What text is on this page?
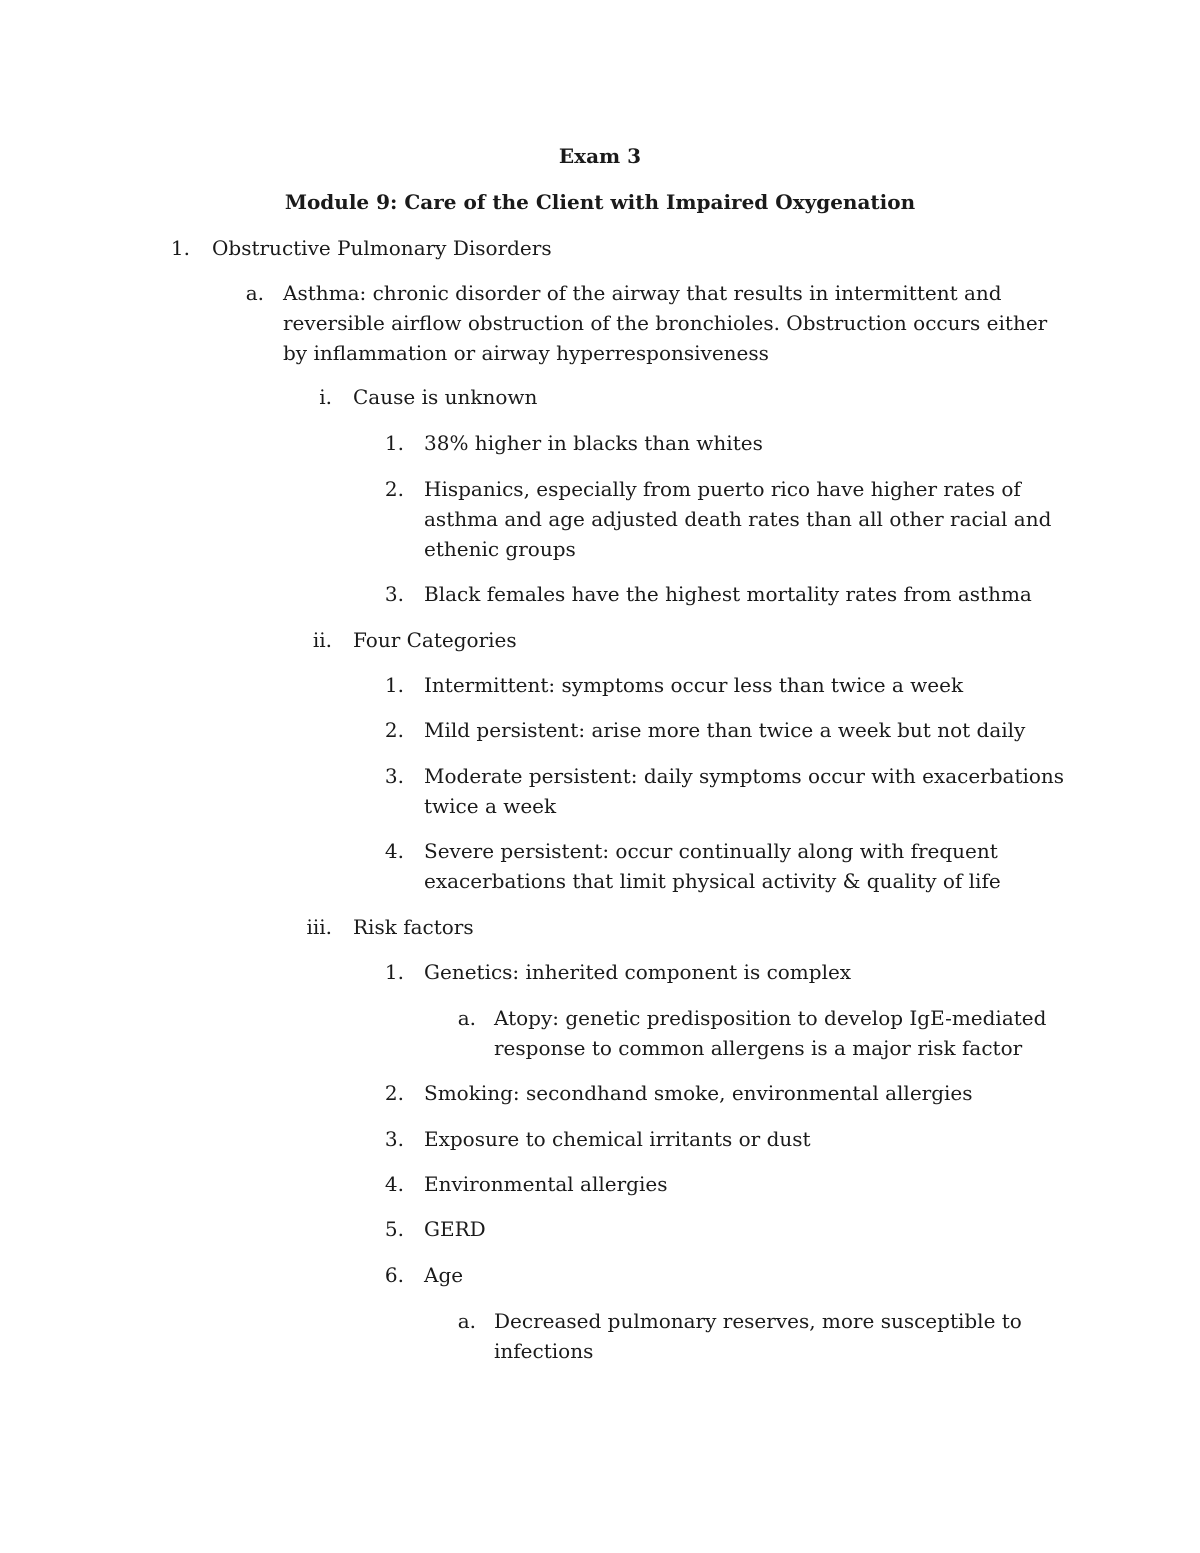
Exam 3
Module 9: Care of the Client with Impaired Oxygenation
1. Obstructive Pulmonary Disorders
a. Asthma: chronic disorder of the airway that results in intermittent and
reversible airflow obstruction of the bronchioles. Obstruction occurs either
by inflammation or airway hyperresponsiveness
i. Cause is unknown
1. 38% higher in blacks than whites
2. Hispanics, especially from puerto rico have higher rates of
asthma and age adjusted death rates than all other racial and
ethenic groups
3. Black females have the highest mortality rates from asthma
ii. Four Categories
1. Intermittent: symptoms occur less than twice a week
2. Mild persistent: arise more than twice a week but not daily
3. Moderate persistent: daily symptoms occur with exacerbations
twice a week
4. Severe persistent: occur continually along with frequent
exacerbations that limit physical activity & quality of life
iii. Risk factors
1. Genetics: inherited component is complex
a. Atopy: genetic predisposition to develop IgE-mediated
response to common allergens is a major risk factor
2. Smoking: secondhand smoke, environmental allergies
3. Exposure to chemical irritants or dust
4. Environmental allergies
5. GERD
6. Age
a. Decreased pulmonary reserves, more susceptible to
infections
